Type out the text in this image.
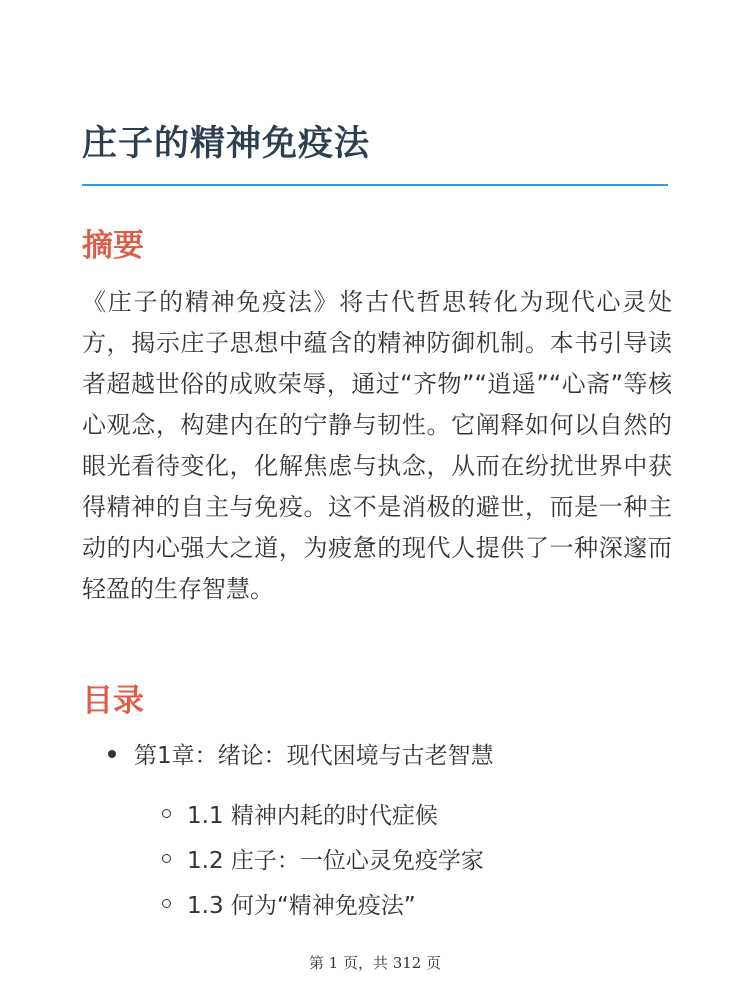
庄子的精神免疫法
摘要

《庄子的精神免疫法》将古代哲思转化为现代心灵处方，揭示庄子思想中蕴含的精神防御机制。本书引导读者超越世俗的成败荣辱，通过“齐物”“逍遥”“心斋”等核心观念，构建内在的宁静与韧性。它阐释如何以自然的眼光看待变化，化解焦虑与执念，从而在纷扰世界中获得精神的自主与免疫。这不是消极的避世，而是一种主动的内心强大之道，为疲惫的现代人提供了一种深邃而轻盈的生存智慧。

目录
第1章：绪论：现代困境与古老智慧
1.1 精神内耗的时代症候
1.2 庄子：一位心灵免疫学家
1.3 何为“精神免疫法”
第 1 页，共 312 页
